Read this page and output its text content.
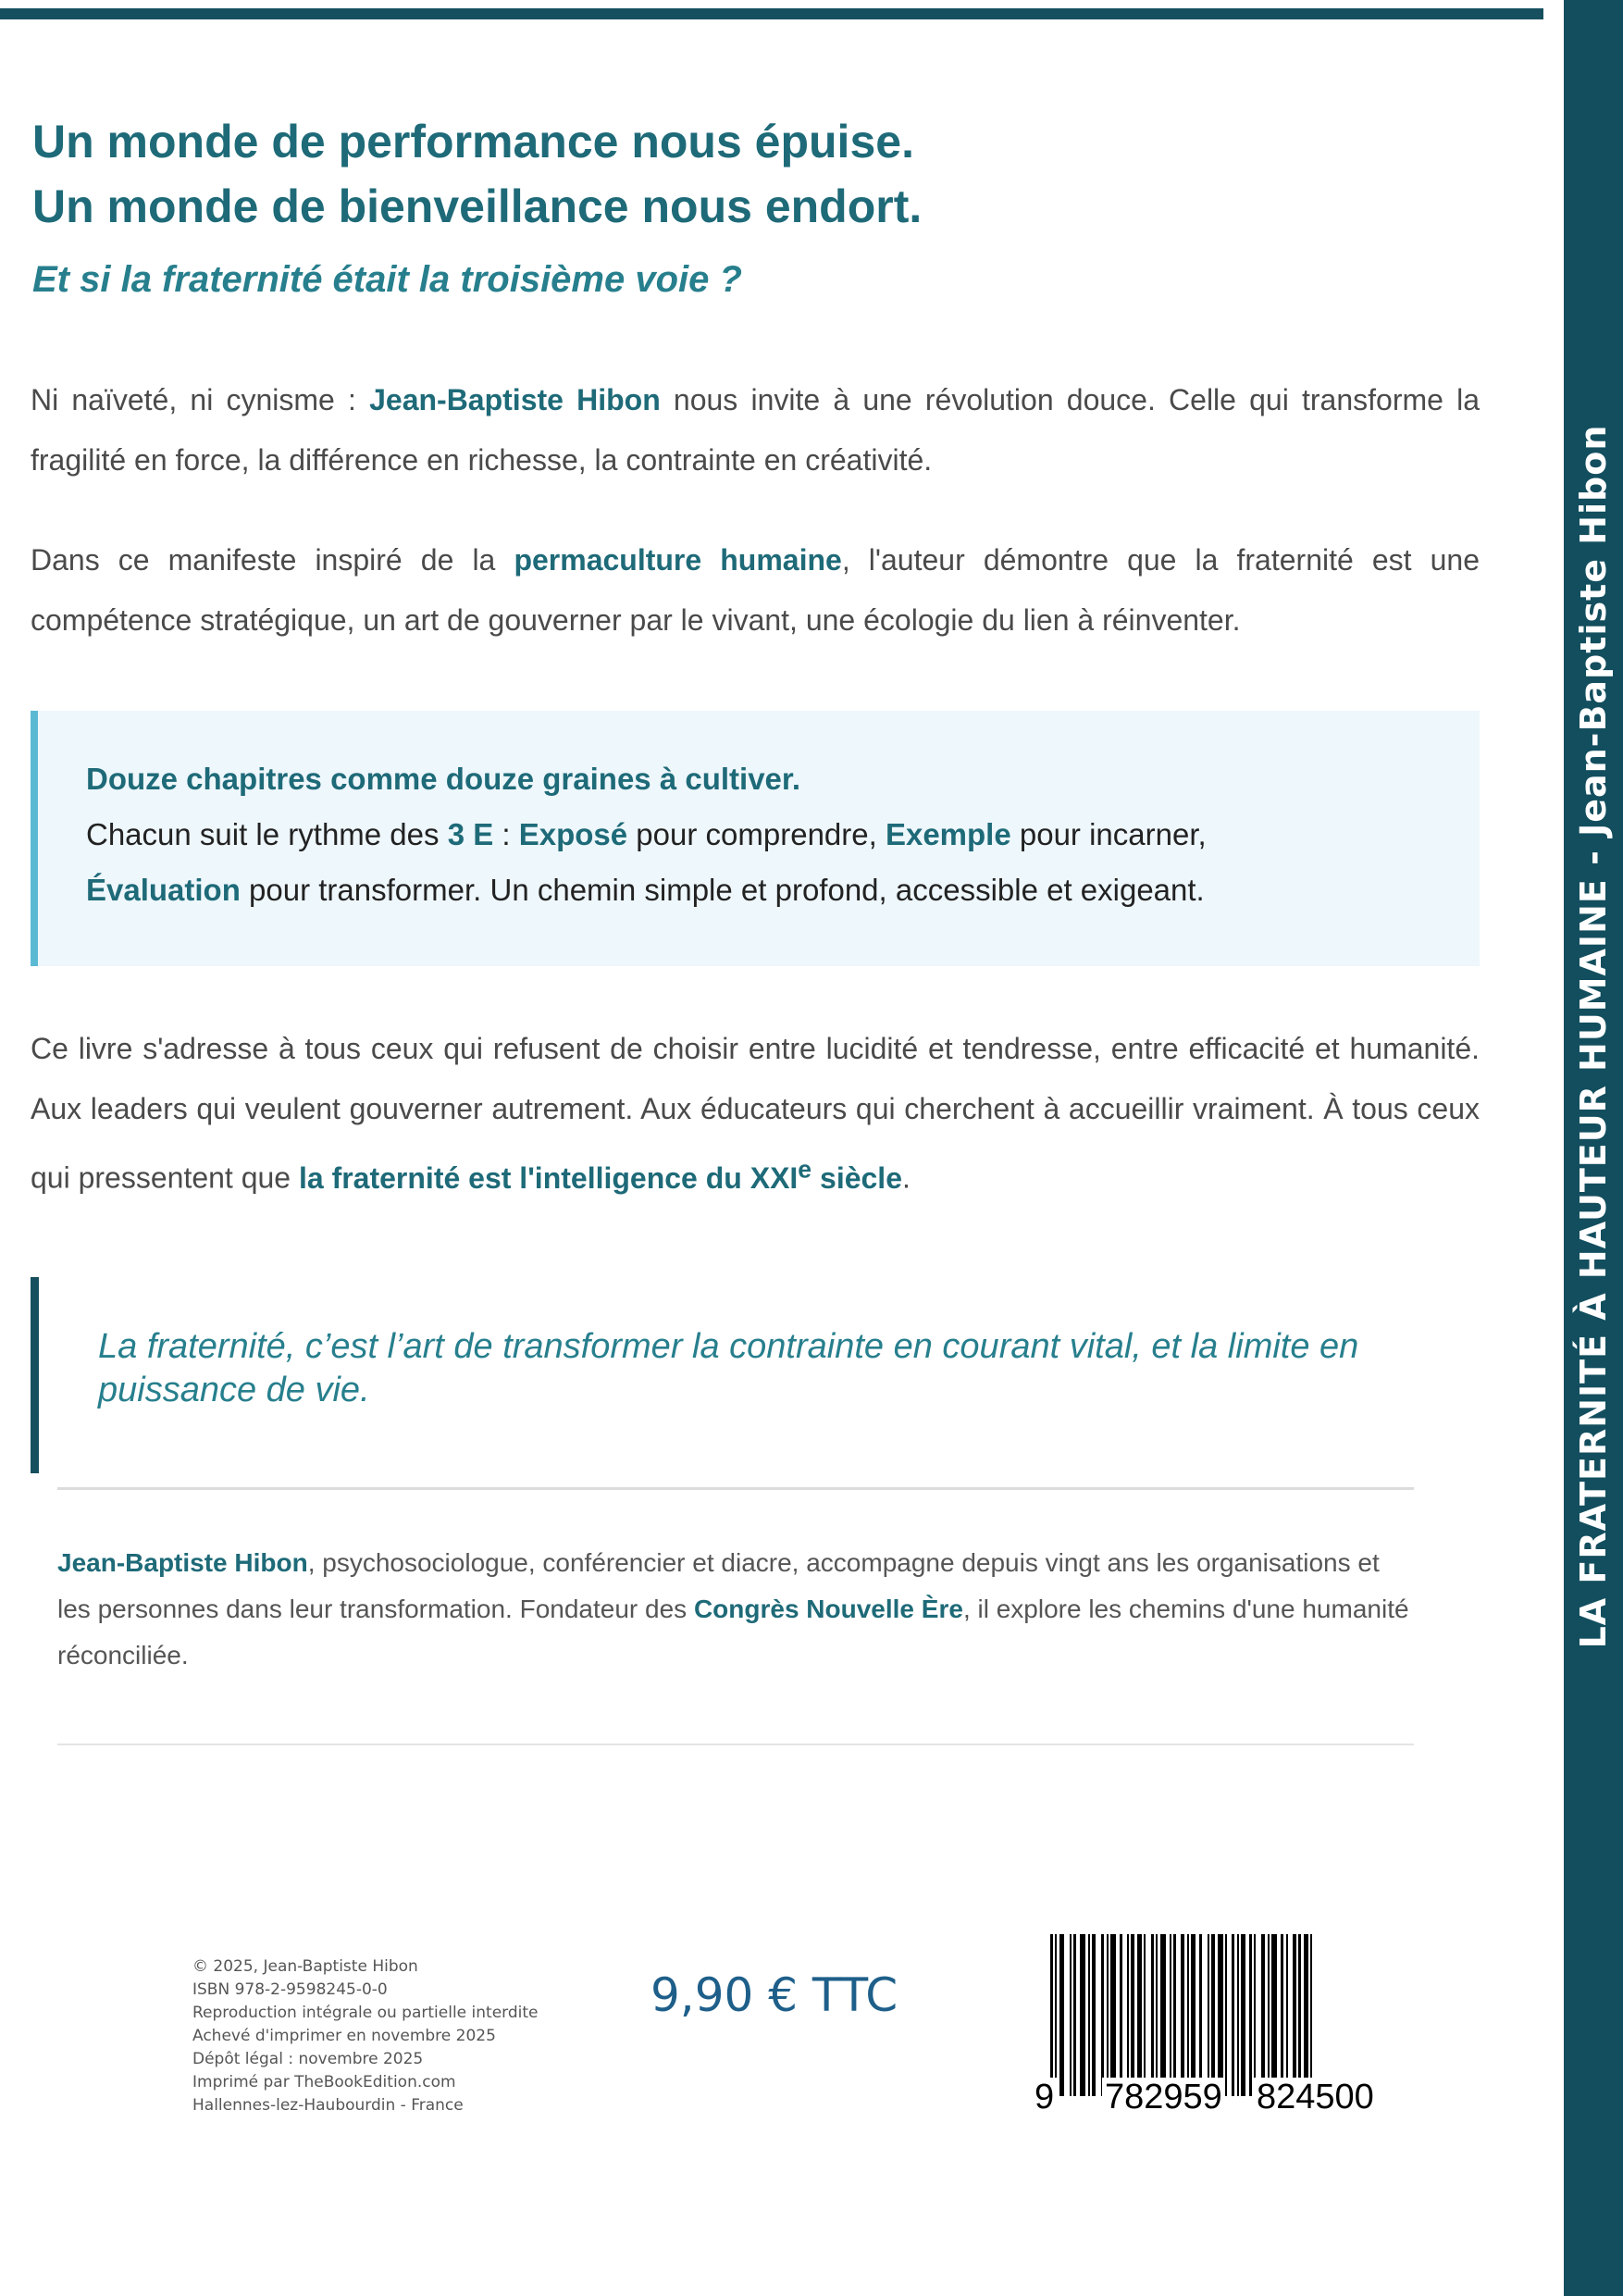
LA FRATERNITÉ À HAUTEUR HUMAINE - Jean-Baptiste Hibon
Un monde de performance nous épuise.
Un monde de bienveillance nous endort.
Et si la fraternité était la troisième voie ?

Ni naïveté, ni cynisme : Jean-Baptiste Hibon nous invite à une révolution douce. Celle qui transforme la fragilité en force, la différence en richesse, la contrainte en créativité.

Dans ce manifeste inspiré de la permaculture humaine, l'auteur démontre que la fraternité est une compétence stratégique, un art de gouverner par le vivant, une écologie du lien à réinventer.

Douze chapitres comme douze graines à cultiver.
Chacun suit le rythme des 3 E : Exposé pour comprendre, Exemple pour incarner,
Évaluation pour transformer. Un chemin simple et profond, accessible et exigeant.

Ce livre s'adresse à tous ceux qui refusent de choisir entre lucidité et tendresse, entre efficacité et humanité. Aux leaders qui veulent gouverner autrement. Aux éducateurs qui cherchent à accueillir vraiment. À tous ceux qui pressentent que la fraternité est l'intelligence du XXIe siècle.

La fraternité, c’est l’art de transformer la contrainte en courant vital, et la limite en puissance de vie.

Jean-Baptiste Hibon, psychosociologue, conférencier et diacre, accompagne depuis vingt ans les organisations et les personnes dans leur transformation. Fondateur des Congrès Nouvelle Ère, il explore les chemins d'une humanité réconciliée.

© 2025, Jean-Baptiste Hibon
ISBN 978-2-9598245-0-0
Reproduction intégrale ou partielle interdite
Achevé d'imprimer en novembre 2025
Dépôt légal : novembre 2025
Imprimé par TheBookEdition.com
Hallennes-lez-Haubourdin - France
9,90 € TTC
9 782959 824500
